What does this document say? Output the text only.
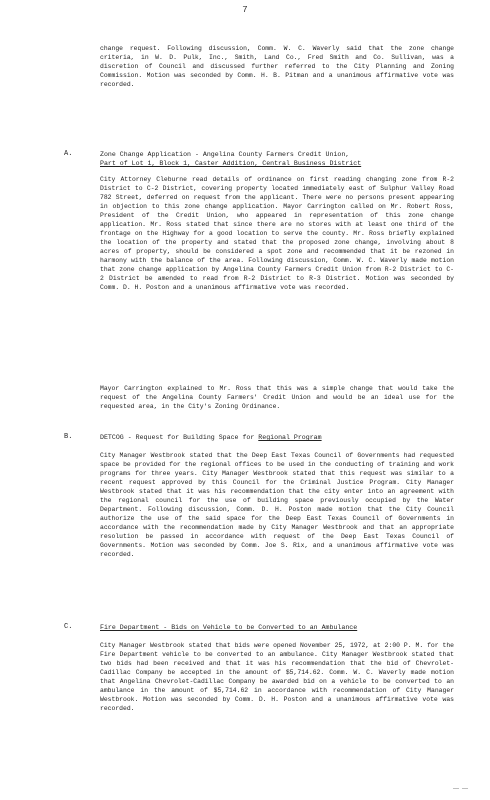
7

change request. Following discussion, Comm. W. C. Waverly said that the zone change criteria, in W. D. Pulk, Inc., Smith, Land Co., Fred Smith and Co. Sullivan, was a discretion of Council and discussed further referred to the City Planning and Zoning Commission. Motion was seconded by Comm. H. B. Pitman and a unanimous affirmative vote was recorded.

A.	Zone Change Application - Angelina County Farmers Credit Union,
Part of Lot 1, Block 1, Caster Addition, Central Business District

City Attorney Cleburne read details of ordinance on first reading changing zone from R-2 District to C-2 District, covering property located immediately east of Sulphur Valley Road 782 Street, deferred on request from the applicant. There were no persons present appearing in objection to this zone change application. Mayor Carrington called on Mr. Robert Ross, President of the Credit Union, who appeared in representation of this zone change application. Mr. Ross stated that since there are no stores with at least one third of the frontage on the Highway for a good location to serve the county. Mr. Ross briefly explained the location of the property and stated that the proposed zone change, involving about 8 acres of property, should be considered a spot zone and recommended that it be rezoned in harmony with the balance of the area. Following discussion, Comm. W. C. Waverly made motion that zone change application by Angelina County Farmers Credit Union from R-2 District to C-2 District be amended to read from R-2 District to R-3 District. Motion was seconded by Comm. D. H. Poston and a unanimous affirmative vote was recorded.

Mayor Carrington explained to Mr. Ross that this was a simple change that would take the request of the Angelina County Farmers' Credit Union and would be an ideal use for the requested area, in the City's Zoning Ordinance.

B.	DETCOG - Request for Building Space for Regional Program

City Manager Westbrook stated that the Deep East Texas Council of Governments had requested space be provided for the regional offices to be used in the conducting of training and work programs for three years. City Manager Westbrook stated that this request was similar to a recent request approved by this Council for the Criminal Justice Program. City Manager Westbrook stated that it was his recommendation that the city enter into an agreement with the regional council for the use of building space previously occupied by the Water Department. Following discussion, Comm. D. H. Poston made motion that the City Council authorize the use of the said space for the Deep East Texas Council of Governments in accordance with the recommendation made by City Manager Westbrook and that an appropriate resolution be passed in accordance with request of the Deep East Texas Council of Governments. Motion was seconded by Comm. Joe S. Rix, and a unanimous affirmative vote was recorded.

C.	Fire Department - Bids on Vehicle to be Converted to an Ambulance

City Manager Westbrook stated that bids were opened November 25, 1972, at 2:00 P. M. for the Fire Department vehicle to be converted to an ambulance. City Manager Westbrook stated that two bids had been received and that it was his recommendation that the bid of Chevrolet-Cadillac Company be accepted in the amount of $5,714.62. Comm. W. C. Waverly made motion that Angelina Chevrolet-Cadillac Company be awarded bid on a vehicle to be converted to an ambulance in the amount of $5,714.62 in accordance with recommendation of City Manager Westbrook. Motion was seconded by Comm. D. H. Poston and a unanimous affirmative vote was recorded.

—— ——
